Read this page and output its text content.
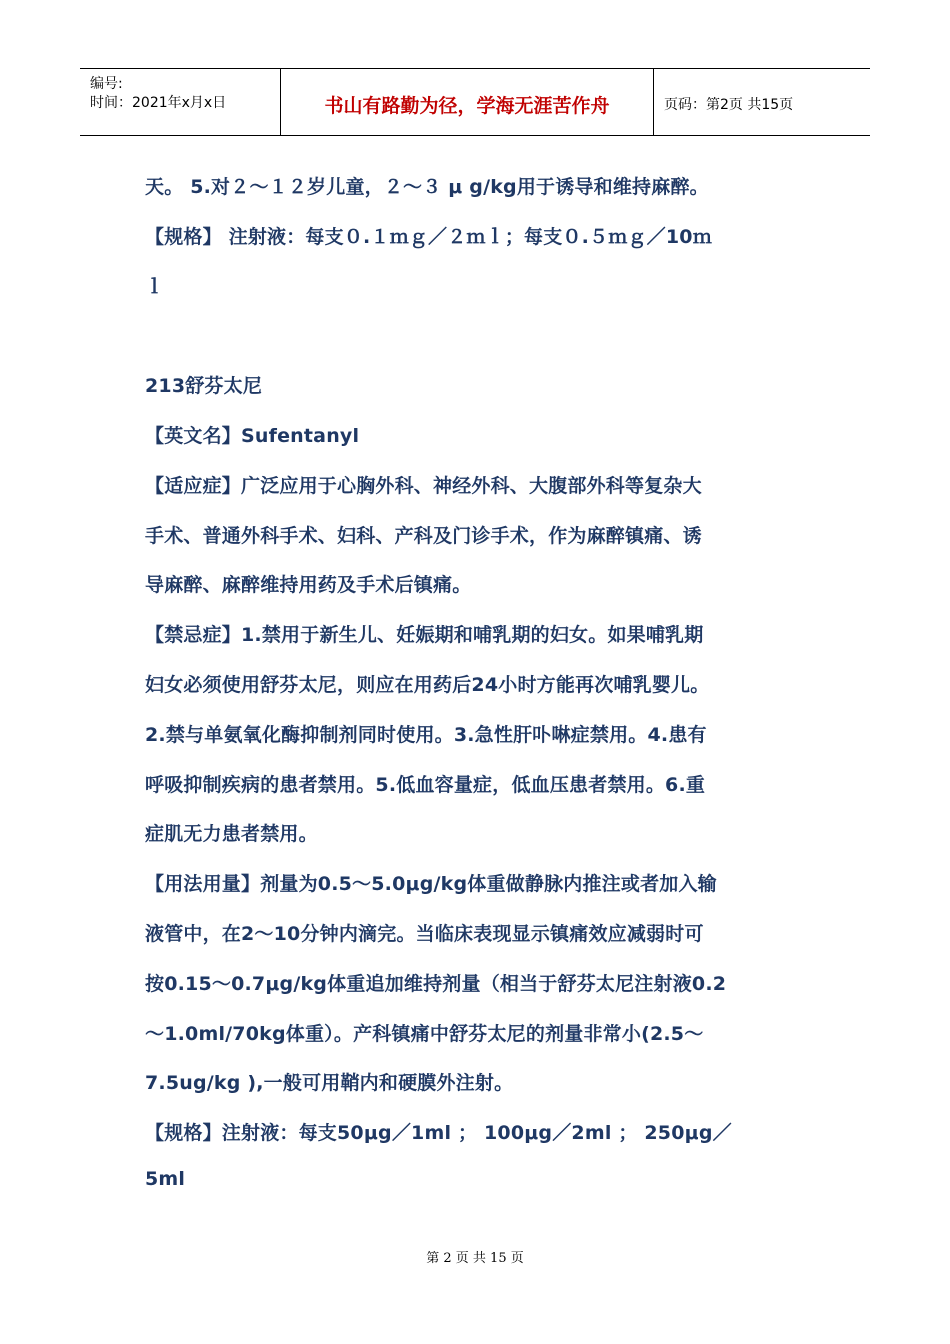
编号:
时间：2021年x月x日	书山有路勤为径，学海无涯苦作舟	页码：第2页 共15页
天。 5.对２～１２岁儿童，２～３ μ g/kg用于诱导和维持麻醉。
【规格】 注射液：每支０.１ｍｇ／２ｍｌ；每支０.５ｍｇ／10ｍ
ｌ
213舒芬太尼
【英文名】Sufentanyl
【适应症】广泛应用于心胸外科、神经外科、大腹部外科等复杂大
手术、普通外科手术、妇科、产科及门诊手术，作为麻醉镇痛、诱
导麻醉、麻醉维持用药及手术后镇痛。
【禁忌症】1.禁用于新生儿、妊娠期和哺乳期的妇女。如果哺乳期
妇女必须使用舒芬太尼，则应在用药后24小时方能再次哺乳婴儿。
2.禁与单氨氧化酶抑制剂同时使用。3.急性肝卟啉症禁用。4.患有
呼吸抑制疾病的患者禁用。5.低血容量症，低血压患者禁用。6.重
症肌无力患者禁用。
【用法用量】剂量为0.5～5.0μg/kg体重做静脉内推注或者加入输
液管中，在2～10分钟内滴完。当临床表现显示镇痛效应减弱时可
按0.15～0.7μg/kg体重追加维持剂量（相当于舒芬太尼注射液0.2
～1.0ml/70kg体重）。产科镇痛中舒芬太尼的剂量非常小(2.5～
7.5ug/kg ),一般可用鞘内和硬膜外注射。
【规格】注射液：每支50μg／1ml ； 100μg／2ml ； 250μg／
5ml
第 2 页 共 15 页
